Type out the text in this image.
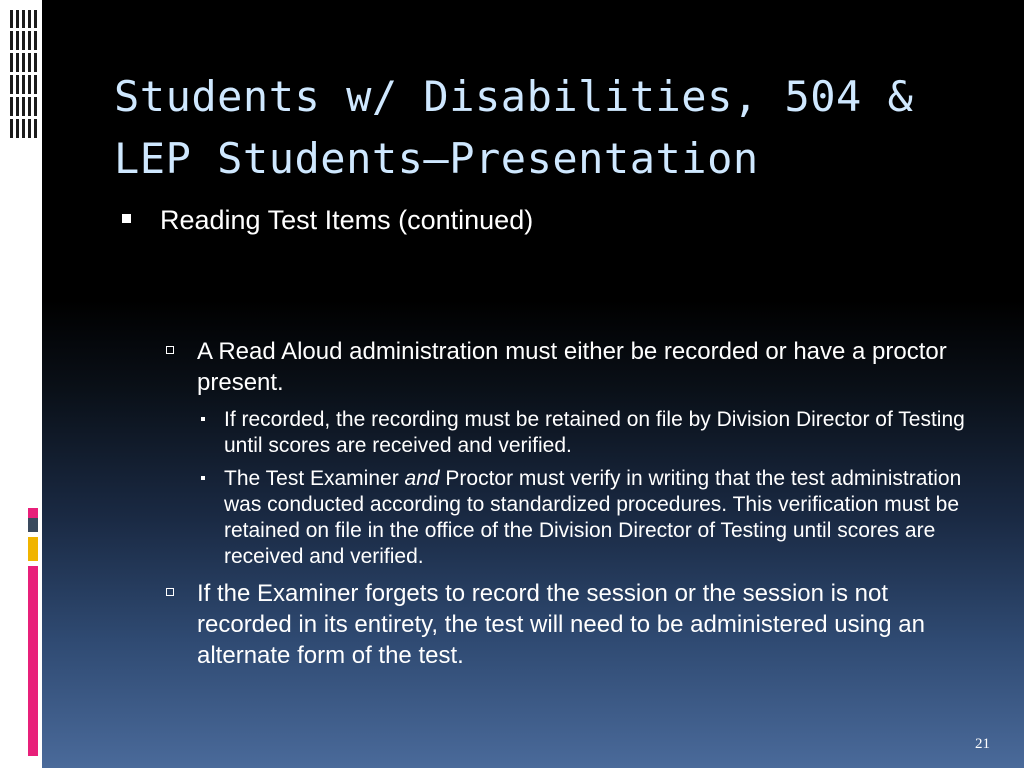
Students w/ Disabilities, 504 & LEP Students—Presentation
Reading Test Items (continued)
A Read Aloud administration must either be recorded or have a proctor present.
If recorded, the recording must be retained on file by Division Director of Testing until scores are received and verified.
The Test Examiner and Proctor must verify in writing that the test administration was conducted according to standardized procedures. This verification must be retained on file in the office of the Division Director of Testing until scores are received and verified.
If the Examiner forgets to record the session or the session is not recorded in its entirety, the test will need to be administered using an alternate form of the test.
21
